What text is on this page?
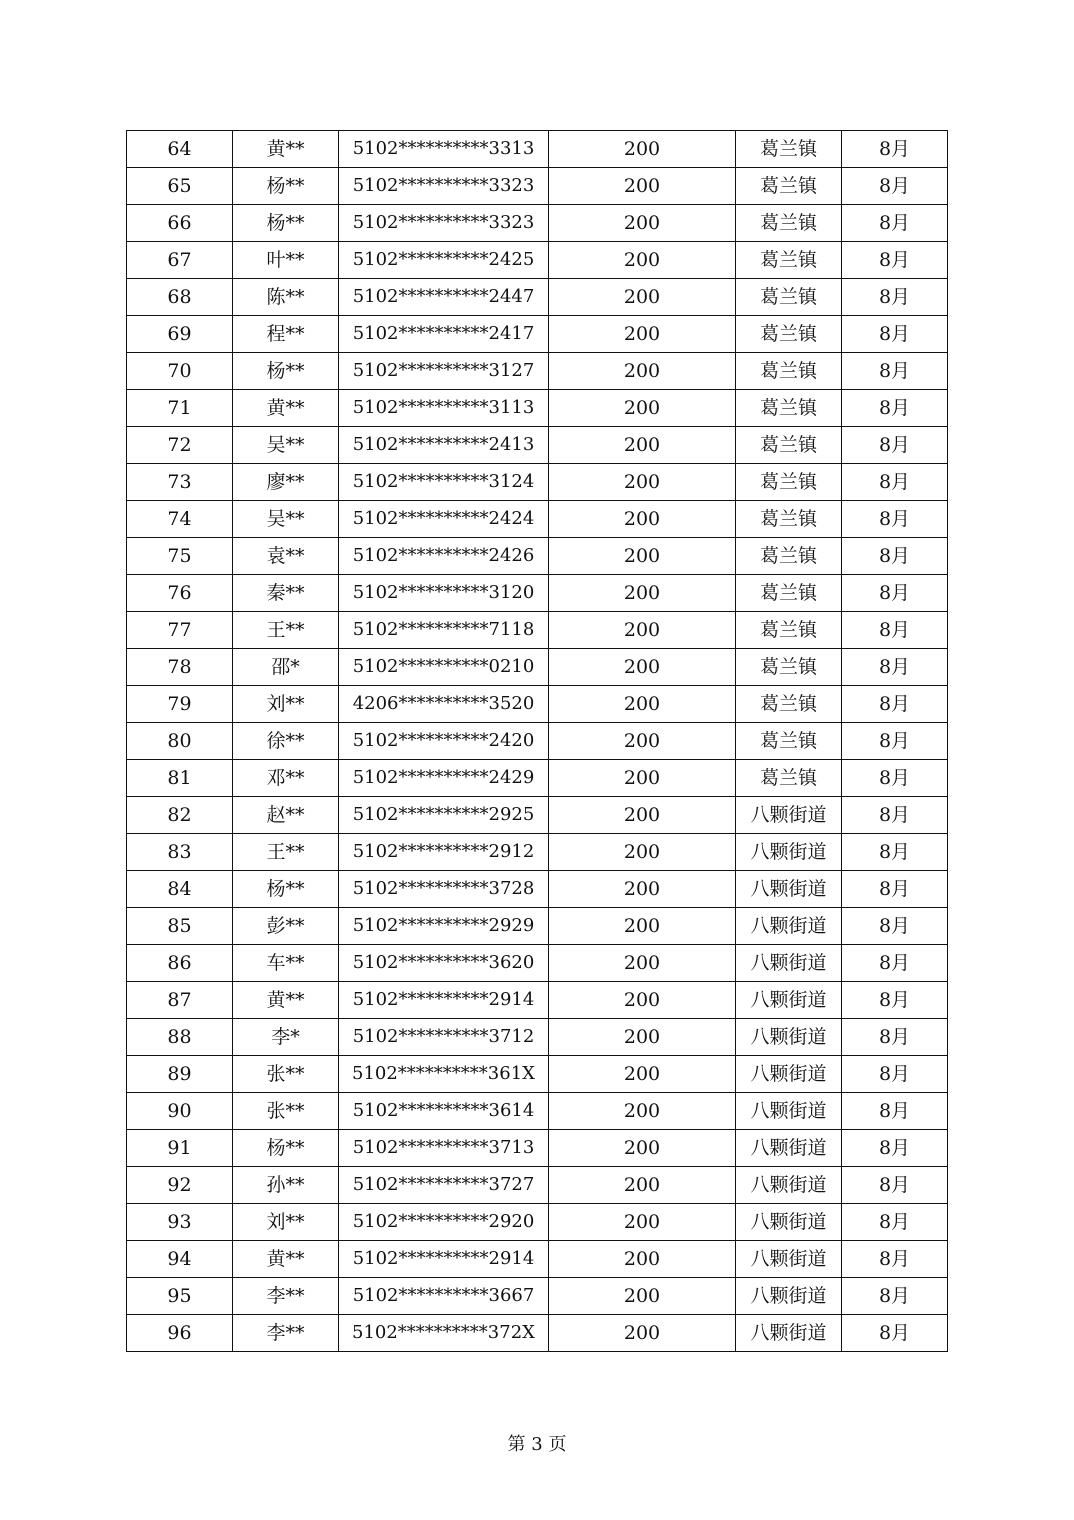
64	黄**	5102**********3313	200	葛兰镇	8月
65	杨**	5102**********3323	200	葛兰镇	8月
66	杨**	5102**********3323	200	葛兰镇	8月
67	叶**	5102**********2425	200	葛兰镇	8月
68	陈**	5102**********2447	200	葛兰镇	8月
69	程**	5102**********2417	200	葛兰镇	8月
70	杨**	5102**********3127	200	葛兰镇	8月
71	黄**	5102**********3113	200	葛兰镇	8月
72	吴**	5102**********2413	200	葛兰镇	8月
73	廖**	5102**********3124	200	葛兰镇	8月
74	吴**	5102**********2424	200	葛兰镇	8月
75	袁**	5102**********2426	200	葛兰镇	8月
76	秦**	5102**********3120	200	葛兰镇	8月
77	王**	5102**********7118	200	葛兰镇	8月
78	邵*	5102**********0210	200	葛兰镇	8月
79	刘**	4206**********3520	200	葛兰镇	8月
80	徐**	5102**********2420	200	葛兰镇	8月
81	邓**	5102**********2429	200	葛兰镇	8月
82	赵**	5102**********2925	200	八颗街道	8月
83	王**	5102**********2912	200	八颗街道	8月
84	杨**	5102**********3728	200	八颗街道	8月
85	彭**	5102**********2929	200	八颗街道	8月
86	车**	5102**********3620	200	八颗街道	8月
87	黄**	5102**********2914	200	八颗街道	8月
88	李*	5102**********3712	200	八颗街道	8月
89	张**	5102**********361X	200	八颗街道	8月
90	张**	5102**********3614	200	八颗街道	8月
91	杨**	5102**********3713	200	八颗街道	8月
92	孙**	5102**********3727	200	八颗街道	8月
93	刘**	5102**********2920	200	八颗街道	8月
94	黄**	5102**********2914	200	八颗街道	8月
95	李**	5102**********3667	200	八颗街道	8月
96	李**	5102**********372X	200	八颗街道	8月
第 3 页
